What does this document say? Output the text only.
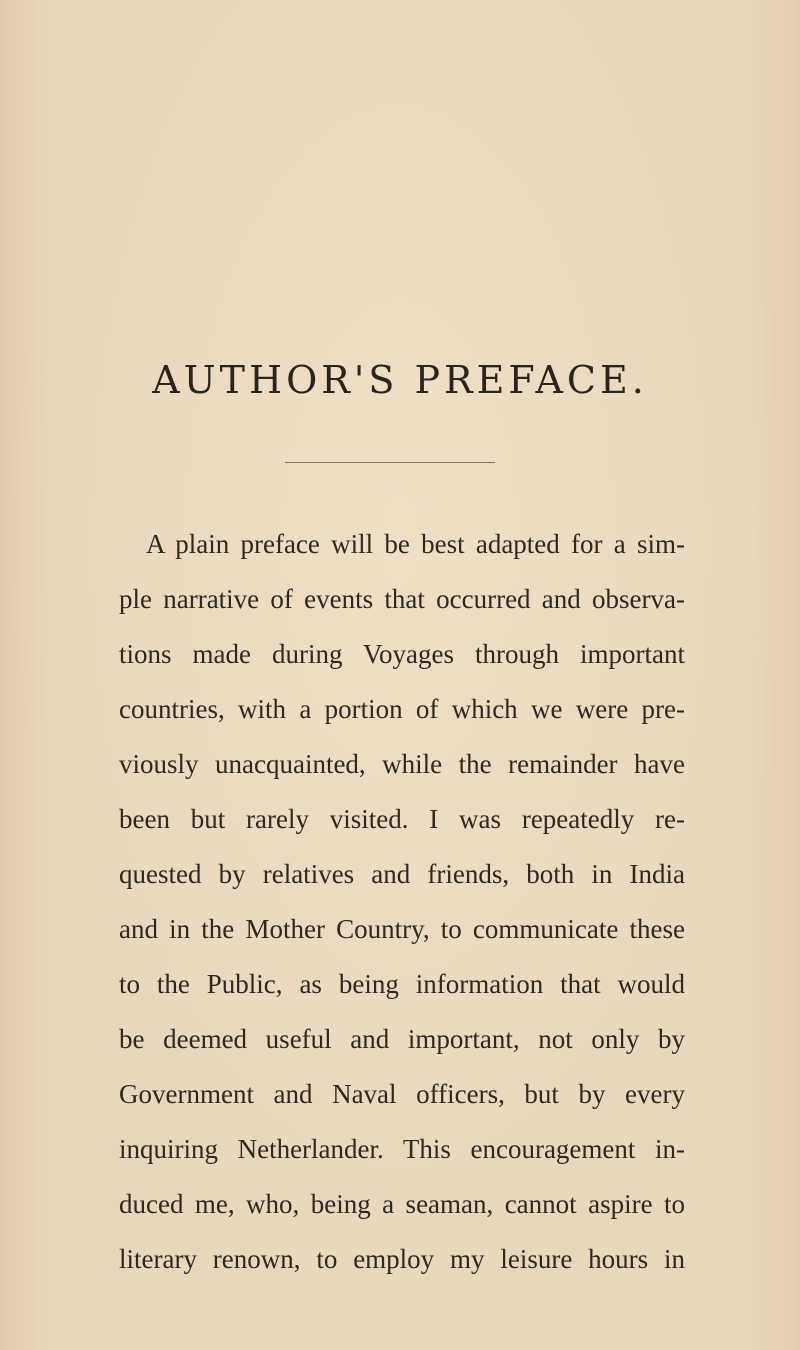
AUTHOR'S PREFACE.
A plain preface will be best adapted for a sim-
ple narrative of events that occurred and observa-
tions made during Voyages through important
countries, with a portion of which we were pre-
viously unacquainted, while the remainder have
been but rarely visited. I was repeatedly re-
quested by relatives and friends, both in India
and in the Mother Country, to communicate these
to the Public, as being information that would
be deemed useful and important, not only by
Government and Naval officers, but by every
inquiring Netherlander. This encouragement in-
duced me, who, being a seaman, cannot aspire to
literary renown, to employ my leisure hours in
